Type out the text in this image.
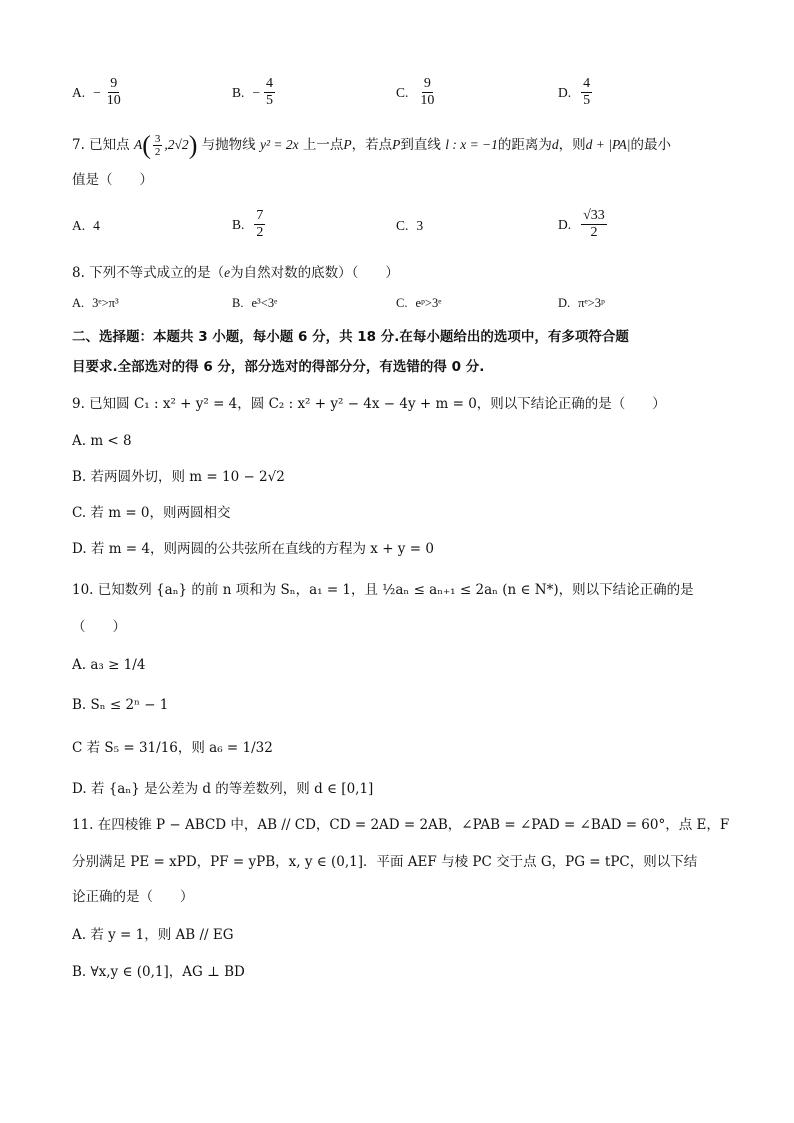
A. − $\frac{9}{10}$	B. − $\frac{4}{5}$	C. $\frac{9}{10}$	D. $\frac{4}{5}$
7. 已知点 $A( \frac{3}{2} ,2√2)$ 与抛物线 y² = 2x 上一点P，若点P到直线 l : x = −1的距离为d，则d + |PA|的最小
值是（　　）
A. 4	B. $\frac{7}{2}$	C. 3	D. $\frac{√33}{2}$
8. 下列不等式成立的是（e为自然对数的底数）（　　）
A. 3ᵉ>π³	B. e³<3ᵉ	C. eᵖ>3ᵉ	D. πᵉ>3ᵖ
二、选择题：本题共 3 小题，每小题 6 分，共 18 分.在每小题给出的选项中，有多项符合题
目要求.全部选对的得 6 分，部分选对的得部分分，有选错的得 0 分.
9. 已知圆 C₁ : x² + y² = 4，圆 C₂ : x² + y² − 4x − 4y + m = 0，则以下结论正确的是（　　）
A. m < 8
B. 若两圆外切，则 m = 10 − 2√2
C. 若 m = 0，则两圆相交
D. 若 m = 4，则两圆的公共弦所在直线的方程为 x + y = 0
10. 已知数列 {aₙ} 的前 n 项和为 Sₙ，a₁ = 1，且 ½aₙ ≤ aₙ₊₁ ≤ 2aₙ (n ∈ N*)，则以下结论正确的是
（　　）
A. a₃ ≥ 1/4
B. Sₙ ≤ 2ⁿ − 1
C 若 S₅ = 31/16，则 a₆ = 1/32
D. 若 {aₙ} 是公差为 d 的等差数列，则 d ∈ [0,1]
11. 在四棱锥 P − ABCD 中，AB // CD，CD = 2AD = 2AB，∠PAB = ∠PAD = ∠BAD = 60°，点 E，F
分别满足 PE = xPD，PF = yPB，x, y ∈ (0,1]．平面 AEF 与棱 PC 交于点 G，PG = tPC，则以下结
论正确的是（　　）
A. 若 y = 1，则 AB // EG
B. ∀x,y ∈ (0,1]，AG ⊥ BD
